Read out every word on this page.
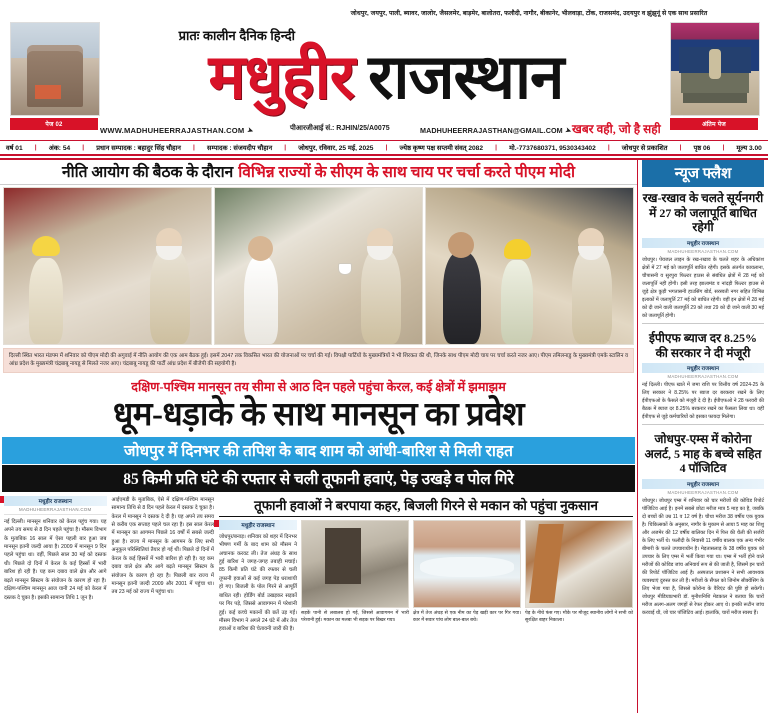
जोधपुर, जयपुर, पाली, ब्यावर, जालोर, जैसलमेर, बाड़मेर, बालोतरा, फलौदी, नागौर, बीकानेर, भीलवाड़ा, टोंक, राजसमंद, उदयपुर व झुंझुनूं से एक साथ प्रसारित
प्रातः कालीन दैनिक हिन्दी
मधुहीर राजस्थान
पेज 02	अंतिम पेज
WWW.MADHUHEERRAJASTHAN.COM ➤	पीआरजीआई सं.: RJHIN/25/A0075	MADHUHEERRAJASTHAN@GMAIL.COM ➤ खबर वही, जो है सही
वर्ष 01	|	अंक: 54	|	प्रधान सम्पादक : बहादुर सिंह चौहान	|	सम्पादक : संजयदीप चौहान	|	जोधपुर, रविवार, 25 मई, 2025	|	ज्येष्ठ कृष्ण पक्ष सप्तमी संवत् 2082	|	मो.-7737680371, 9530343402	|	जोधपुर से प्रकाशित	|	पृष्ठ 06	|	मूल्य 3.00
नीति आयोग की बैठक के दौरान विभिन्न राज्यों के सीएम के साथ चाय पर चर्चा करते पीएम मोदी
दिल्ली स्थित भारत मंडपम में शनिवार को पीएम मोदी की अगुवाई में नीति आयोग की एक आम बैठक हुई। इसमें 2047 तक विकसित भारत की योजनाओं पर चर्चा की गई। विपक्षी पार्टियों के मुख्यमंत्रियों ने भी शिरकत की थी, जिनके साथ पीएम मोदी चाय पर चर्चा करते नजर आए। पीएम तमिलनाडु के मुख्यमंत्री एमके स्टालिन व आंध्र प्रदेश के मुख्यमंत्री चंद्रबाबू नायडू से मिलते नजर आए। चंद्रबाबू नायडू की पार्टी आंध्र प्रदेश में बीजेपी की सहयोगी है।
दक्षिण-पश्चिम मानसून तय सीमा से आठ दिन पहले पहुंचा केरल, कई क्षेत्रों में झमाझम
धूम-धड़ाके के साथ मानसून का प्रवेश
जोधपुर में दिनभर की तपिश के बाद शाम को आंधी-बारिश से मिली राहत
85 किमी प्रति घंटे की रफ्तार से चली तूफानी हवाएं, पेड़ उखड़े व पोल गिरे
मधुहीर राजस्थान
MADHUHEERRAJASTHAN.COM
नई दिल्ली। मानसून शनिवार को केरल पहुंच गया। यह अपने तय समय से 8 दिन पहले पहुंचा है। मौसम विभाग के मुताबिक 16 साल में ऐसा पहली बार हुआ जब मानसून इतनी जल्दी आया है। 2009 में मानसून 9 दिन पहले पहुंचा था। वहीं, पिछले साल 30 मई को दस्तक थी। पिछले दो दिनों में केरल के कई हिस्सों में भारी बारिश हो रही है। यह कम दबाव वाले क्षेत्र और आगे बढ़ते मानसून सिस्टम के संयोजन के कारण हो रहा है। दक्षिण-पश्चिम मानसून आज यानी 24 मई को केरल में दस्तक दे चुका है। इसकी सामान्य तिथि 1 जून है।
आईएमडी के मुताबिक, ऐसे में दक्षिण-पश्चिम मानसून सामान्य तिथि से 8 दिन पहले केरल में दस्तक दे चुका है। केरल में मानसून ने दस्तक दे दी है। यह अपने तय समय से करीब एक सप्ताह पहले चल रहा है। इस साल केरल में मानसून का आगमन पिछले 16 वर्षों में सबसे जल्दी हुआ है। राज्य में मानसून के आगमन के लिए सभी अनुकूल परिस्थितियां तैयार हो गई थीं। पिछले दो दिनों में केरल के कई हिस्सों में भारी बारिश हो रही है। यह कम दबाव वाले क्षेत्र और आगे बढ़ते मानसून सिस्टम के संयोजन के कारण हो रहा है। पिछली बार राज्य में मानसून इतनी जल्दी 2009 और 2001 में पहुंचा था। तब 23 मई को राज्य में पहुंचा था।
तूफानी हवाओं ने बरपाया कहर, बिजली गिरने से मकान को पहुंचा नुकसान
मधुहीर राजस्थान
जोधपुर/बनाड़। शनिवार को शहर में दिनभर भीषण गर्मी के बाद शाम को मौसम ने अचानक करवट ली। तेज अंधड़ के साथ हुई बारिश ने जगह-जगह तबाही मचाई। 85 किमी प्रति घंटे की रफ्तार से चली तूफानी हवाओं से कई जगह पेड़ धराशायी हो गए। बिजली के पोल गिरने से आपूर्ति बाधित रही। होर्डिंग बोर्ड उखड़कर सड़कों पर गिर पड़े, जिससे आवागमन में परेशानी हुई। कई कच्चे मकानों की छतें उड़ गईं। मौसम विभाग ने अगले 24 घंटे में और तेज हवाओं व बारिश की चेतावनी जारी की है।
सड़कें पानी से लबालब हो गईं, जिससे आवागमन में भारी परेशानी हुई। मकान का मलबा भी सड़क पर बिखर गया।
क्षेत्र में तेज अंधड़ से एक नीम का पेड़ खड़ी कार पर गिर गया। कार में सवार पांच लोग बाल-बाल बचे।
पेड़ के नीचे फंस गए। मौके पर मौजूद स्थानीय लोगों ने सभी को सुरक्षित बाहर निकाला।
न्यूज फ्लैश
रख-रखाव के चलते सूर्यनगरी में 27 को जलापूर्ति बाधित रहेगी
मधुहीर राजस्थान
MADHUHEERRAJASTHAN.COM
जोधपुर। पेयजल लाइन के रख-रखाव के चलते शहर के अधिकांश क्षेत्रों में 27 मई को जलापूर्ति बाधित रहेगी। इसके अंतर्गत कायलाना, चौपासनी व सुरपुरा फिल्टर हाउस से संबंधित क्षेत्रों में 28 मई को जलापूर्ति नहीं होगी। इसी तरह झालामंड व नांदड़ी फिल्टर हाउस से जुड़े क्षेत्र कुड़ी भगतासनी हाउसिंग बोर्ड, सरस्वती नगर सहित विभिन्न इलाकों में जलापूर्ति 27 मई को बाधित रहेगी। वहीं इन क्षेत्रों में 28 मई को दी जाने वाली जलापूर्ति 29 को तथा 29 को दी जाने वाली 30 मई को जलापूर्ति होगी।
ईपीएफ ब्याज दर 8.25% की सरकार ने दी मंजूरी
मधुहीर राजस्थान
MADHUHEERRAJASTHAN.COM
नई दिल्ली। पीएफ खाते में जमा राशि पर वित्तीय वर्ष 2024-25 के लिए सरकार ने 8.25% पर ब्याज दर बरकरार रखने के लिए ईपीएफओ के फैसले को मंजूरी दे दी है। ईपीएफओ ने 28 फरवरी की बैठक में ब्याज दर 8.25% बरकरार रखने का फैसला लिया था। वहीं ईपीएफ से जुड़े कर्मचारियों को इसका फायदा मिलेगा।
जोधपुर-एम्स में कोरोना अलर्ट, 5 माह के बच्चे सहित 4 पॉजिटिव
मधुहीर राजस्थान
MADHUHEERRAJASTHAN.COM
जोधपुर। जोधपुर एम्स में शनिवार को चार मरीजों की कोविड रिपोर्ट पॉजिटिव आई है। इनमें सबसे छोटा मरीज मात्र 5 माह का है, जबकि दो बच्चों की उम्र 11 व 12 वर्ष है। चौथा मरीज 38 वर्षीय एक युवक है। चिकित्सकों के अनुसार, नागौर के मुकाम से आया 5 माह का शिशु और अजमेर की 12 वर्षीय बालिका दिन में पित्त की थैली की सर्जरी के लिए भर्ती थे। फलौदी के निवासी 11 वर्षीय बालक एक अन्य गंभीर बीमारी के चलते उपचाराधीन है। मेड़तासलाड़ के 38 वर्षीय युवक को उपचार के लिए एम्स में भर्ती किया गया था। एम्स में भर्ती होने वाले मरीजों की कोविड जांच अनिवार्य रूप से की जाती है, जिसमें इन चारों की रिपोर्ट पॉजिटिव आई है। अस्पताल प्रशासन ने सभी आवश्यक व्यवस्थाएं दुरुस्त कर ली हैं। मरीजों के सैंपल को जिनोम सीक्वेंसिंग के लिए भेजा गया है, जिससे कोरोना के वैरिएंट की पुष्टि हो सकेगी। जोधपुर मीडियाप्रभारी डॉ. मुनीशनिशि मेडकाल ने बताया कि चारों मरीज अलग-अलग जगहों से रेफर होकर आए थे। इनकी रूटीन जांच करवाई थी, जो चार पॉजिटिव आई। हालांकि, चारों मरीज स्वस्थ हैं।
